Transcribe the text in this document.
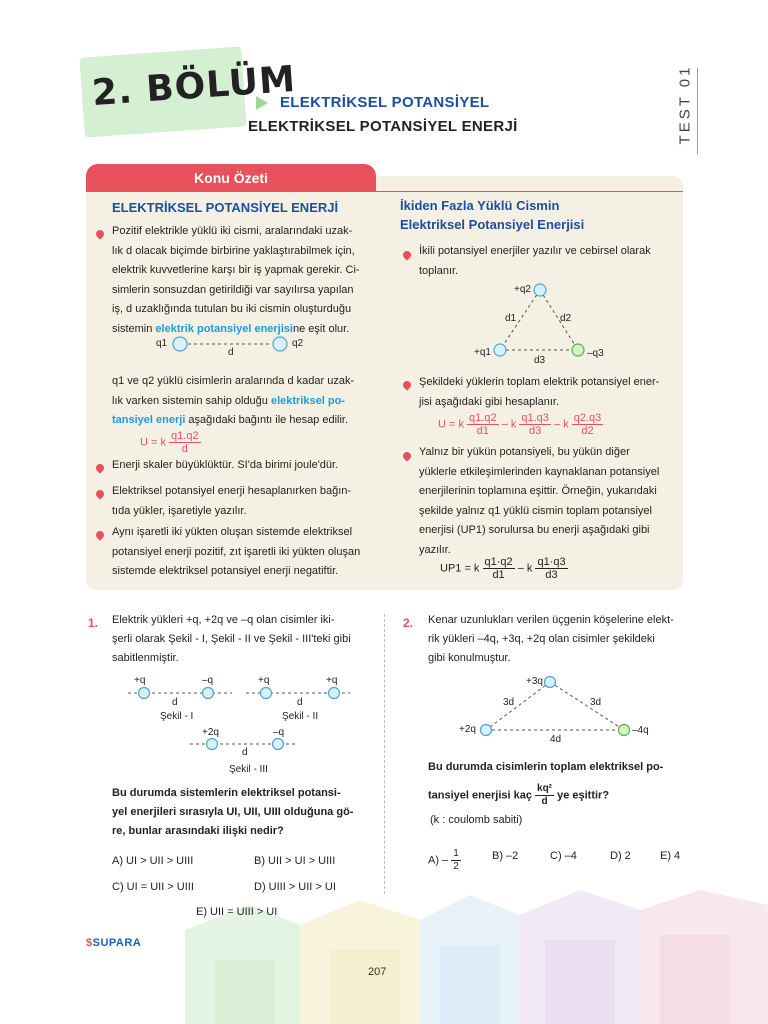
2. BÖLÜM
ELEKTRİKSEL POTANSİYEL
ELEKTRİKSEL POTANSİYEL ENERJİ	TEST 01
Konu Özeti
ELEKTRİKSEL POTANSİYEL ENERJİ
Pozitif elektrikle yüklü iki cismi, aralarındaki uzak-
lık d olacak biçimde birbirine yaklaştırabilmek için,
elektrik kuvvetlerine karşı bir iş yapmak gerekir. Ci-
simlerin sonsuzdan getirildiği var sayılırsa yapılan
iş, d uzaklığında tutulan bu iki cismin oluşturduğu
sistemin elektrik potansiyel enerjisine eşit olur.
q1	q2
d
q1 ve q2 yüklü cisimlerin aralarında d kadar uzak-
lık varken sistemin sahip olduğu elektriksel po-
tansiyel enerji aşağıdaki bağıntı ile hesap edilir.
U = k $\frac{q1.q2}{d}$
Enerji skaler büyüklüktür. SI'da birimi joule'dür.
Elektriksel potansiyel enerji hesaplanırken bağın-
tıda yükler, işaretiyle yazılır.
Aynı işaretli iki yükten oluşan sistemde elektriksel
potansiyel enerji pozitif, zıt işaretli iki yükten oluşan
sistemde elektriksel potansiyel enerji negatiftir.
İkiden Fazla Yüklü Cismin
Elektriksel Potansiyel Enerjisi
İkili potansiyel enerjiler yazılır ve cebirsel olarak
toplanır.
+q2
+q1	–q3
d1	d2
d3
Şekildeki yüklerin toplam elektrik potansiyel ener-
jisi aşağıdaki gibi hesaplanır.
U = k $\frac{q1.q2}{d1}$ – k $\frac{q1.q3}{d3}$ – k $\frac{q2.q3}{d2}$
Yalnız bir yükün potansiyeli, bu yükün diğer
yüklerle etkileşimlerinden kaynaklanan potansiyel
enerjilerinin toplamına eşittir. Örneğin, yukarıdaki
şekilde yalnız q1 yüklü cismin toplam potansiyel
enerjisi (UP1) sorulursa bu enerji aşağıdaki gibi
yazılır.
UP1 = k $\frac{q1\cdot q2}{d1}$ – k $\frac{q1\cdot q3}{d3}$
1. Elektrik yükleri +q, +2q ve –q olan cisimler iki-
şerli olarak Şekil - I, Şekil - II ve Şekil - III'teki gibi
sabitlenmiştir.
+q	–q
d
Şekil - I
+q	+q
d
Şekil - II
+2q	–q
d
Şekil - III
Bu durumda sistemlerin elektriksel potansi-
yel enerjileri sırasıyla UI, UII, UIII olduğuna gö-
re, bunlar arasındaki ilişki nedir?
A) UI > UII > UIII	B) UII > UI > UIII
C) UI = UII > UIII	D) UIII > UII > UI
E) UII = UIII > UI
2. Kenar uzunlukları verilen üçgenin köşelerine elekt-
rik yükleri –4q, +3q, +2q olan cisimler şekildeki
gibi konulmuştur.
+3q
+2q	–4q
3d	3d
4d
Bu durumda cisimlerin toplam elektriksel po-
tansiyel enerjisi kaç $\frac{\text{kq²}}{d}$ ye eşittir?
(k : coulomb sabiti)
$A) - \frac{1}{2}$	B) –2	C) –4	D) 2	E) 4
$SUPARA
207
